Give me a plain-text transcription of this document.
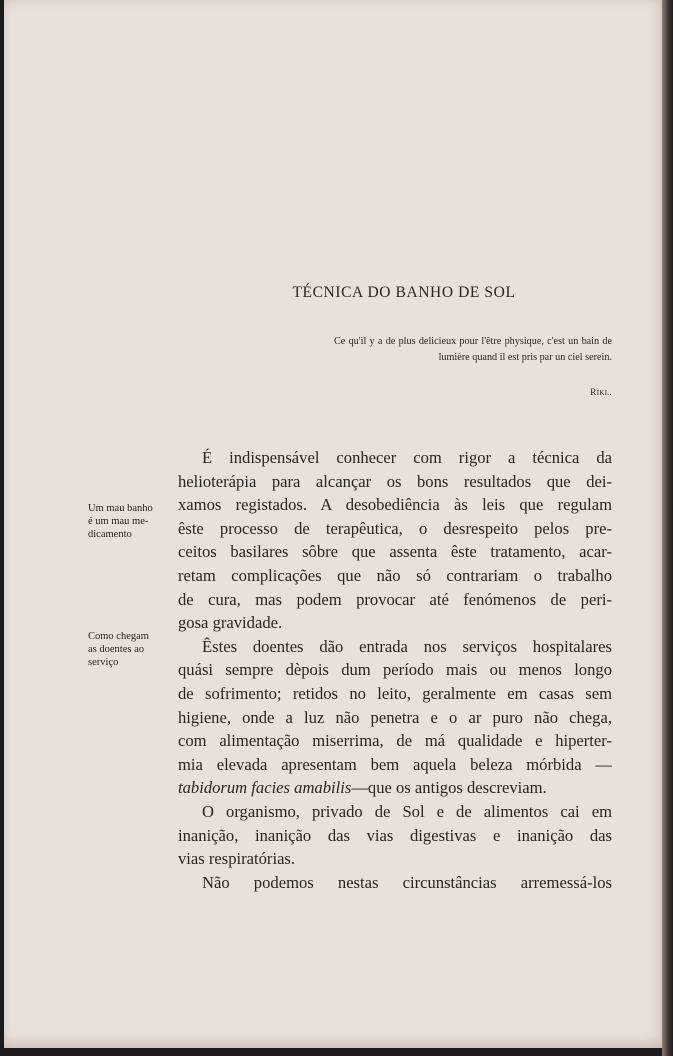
TÉCNICA DO BANHO DE SOL

Ce qu'il y a de plus delicieux pour l'être physique, c'est un bain de lumière quand il est pris par un ciel serein.

Rikl.
Um mau banho
é um mau me-
dicamento
Como chegam
as doentes ao
serviço
É indispensável conhecer com rigor a técnica da
helioterápia para alcançar os bons resultados que dei-
xamos registados. A desobediência às leis que regulam
êste processo de terapêutica, o desrespeito pelos pre-
ceitos basilares sôbre que assenta êste tratamento, acar-
retam complicações que não só contrariam o trabalho
de cura, mas podem provocar até fenómenos de peri-
gosa gravidade.
Êstes doentes dão entrada nos serviços hospitalares
quási sempre dèpois dum período mais ou menos longo
de sofrimento; retidos no leito, geralmente em casas sem
higiene, onde a luz não penetra e o ar puro não chega,
com alimentação miserrima, de má qualidade e hiperter-
mia elevada apresentam bem aquela beleza mórbida —
tabidorum facies amabilis—que os antigos descreviam.
O organismo, privado de Sol e de alimentos cai em
inanição, inanição das vias digestivas e inanição das
vias respiratórias.
Não podemos nestas circunstâncias arremessá-los
